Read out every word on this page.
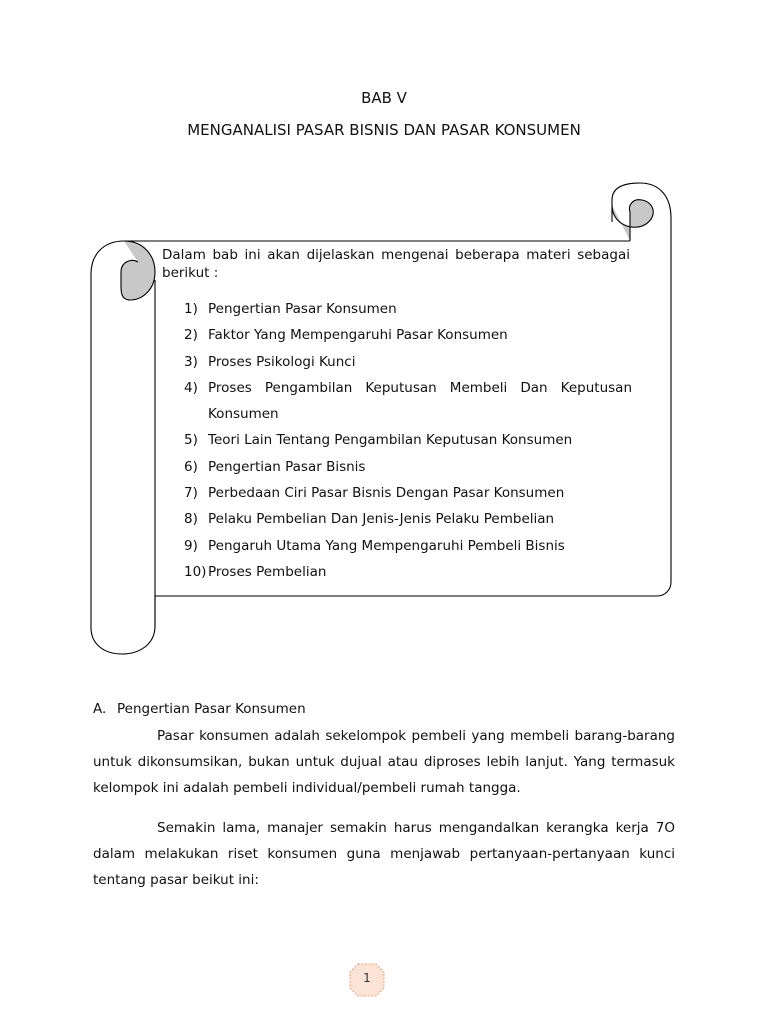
BAB V
MENGANALISI PASAR BISNIS DAN PASAR KONSUMEN
Dalam bab ini akan dijelaskan mengenai beberapa materi sebagai berikut :
1) Pengertian Pasar Konsumen
2) Faktor Yang Mempengaruhi Pasar Konsumen
3) Proses Psikologi Kunci
4) Proses Pengambilan Keputusan Membeli Dan Keputusan Konsumen
5) Teori Lain Tentang Pengambilan Keputusan Konsumen
6) Pengertian Pasar Bisnis
7) Perbedaan Ciri Pasar Bisnis Dengan Pasar Konsumen
8) Pelaku Pembelian Dan Jenis-Jenis Pelaku Pembelian
9) Pengaruh Utama Yang Mempengaruhi Pembeli Bisnis
10) Proses Pembelian
A. Pengertian Pasar Konsumen

Pasar konsumen adalah sekelompok pembeli yang membeli barang-barang untuk dikonsumsikan, bukan untuk dujual atau diproses lebih lanjut. Yang termasuk kelompok ini adalah pembeli individual/pembeli rumah tangga.

Semakin lama, manajer semakin harus mengandalkan kerangka kerja 7O dalam melakukan riset konsumen guna menjawab pertanyaan-pertanyaan kunci tentang pasar beikut ini:

1
